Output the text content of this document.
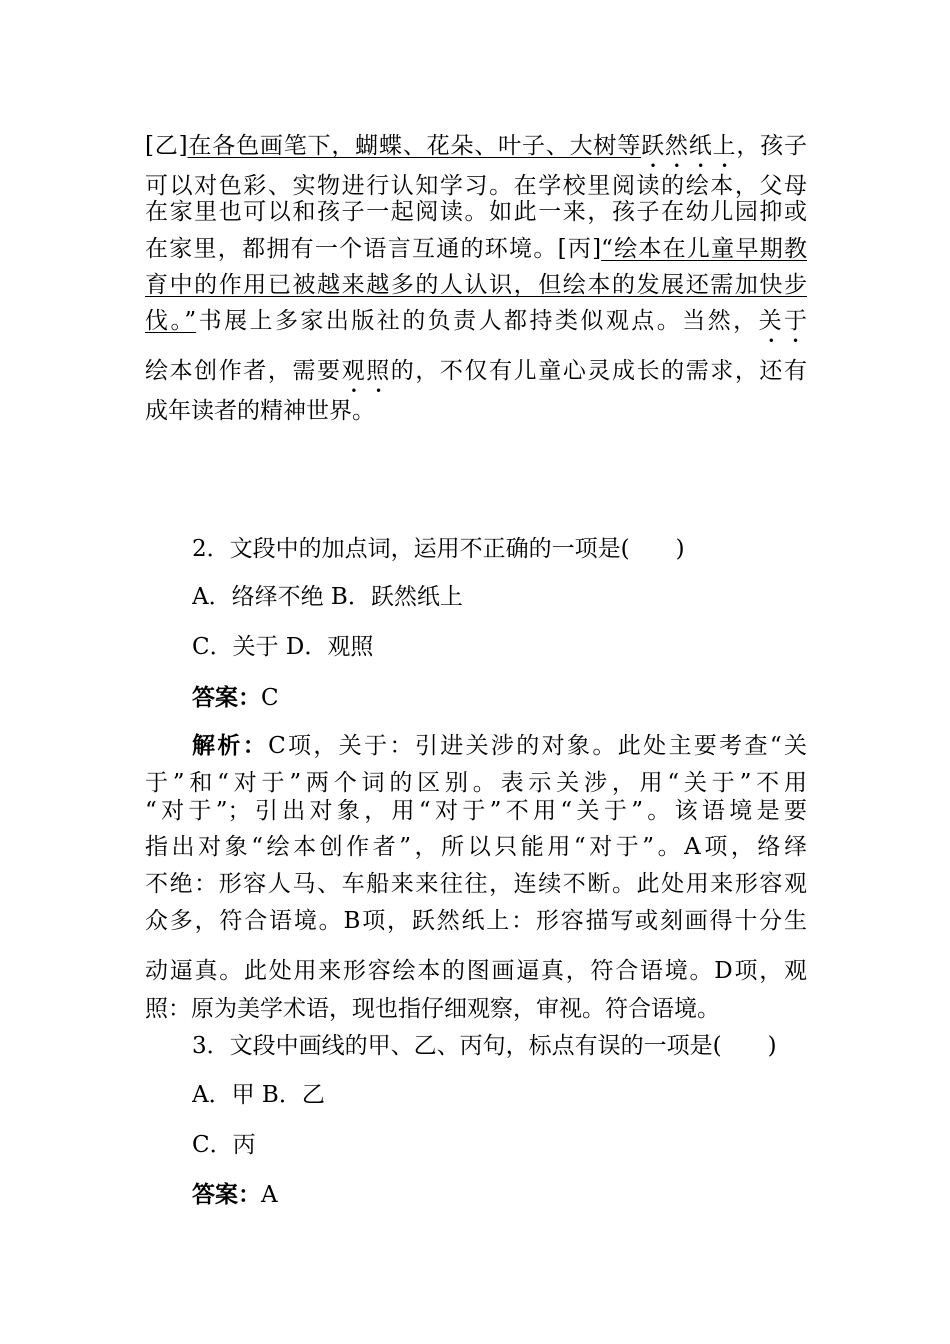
[乙]在各色画笔下，蝴蝶、花朵、叶子、大树等跃然纸上，孩子
可以对色彩、实物进行认知学习。在学校里阅读的绘本，父母
在家里也可以和孩子一起阅读。如此一来，孩子在幼儿园抑或
在家里，都拥有一个语言互通的环境。[丙]“绘本在儿童早期教
育中的作用已被越来越多的人认识，但绘本的发展还需加快步
伐。”书展上多家出版社的负责人都持类似观点。当然，关于
绘本创作者，需要观照的，不仅有儿童心灵成长的需求，还有
成年读者的精神世界。
2．文段中的加点词，运用不正确的一项是(　　)
A．络绎不绝 B．跃然纸上
C．关于 D．观照
答案：C
解析：C项，关于：引进关涉的对象。此处主要考查“关
于”和“对于”两个词的区别。表示关涉，用“关于”不用
“对于”；引出对象，用“对于”不用“关于”。该语境是要
指出对象“绘本创作者”，所以只能用“对于”。A项，络绎
不绝：形容人马、车船来来往往，连续不断。此处用来形容观
众多，符合语境。B项，跃然纸上：形容描写或刻画得十分生
动逼真。此处用来形容绘本的图画逼真，符合语境。D项，观
照：原为美学术语，现也指仔细观察，审视。符合语境。
3．文段中画线的甲、乙、丙句，标点有误的一项是(　　)
A．甲 B．乙
C．丙
答案：A
